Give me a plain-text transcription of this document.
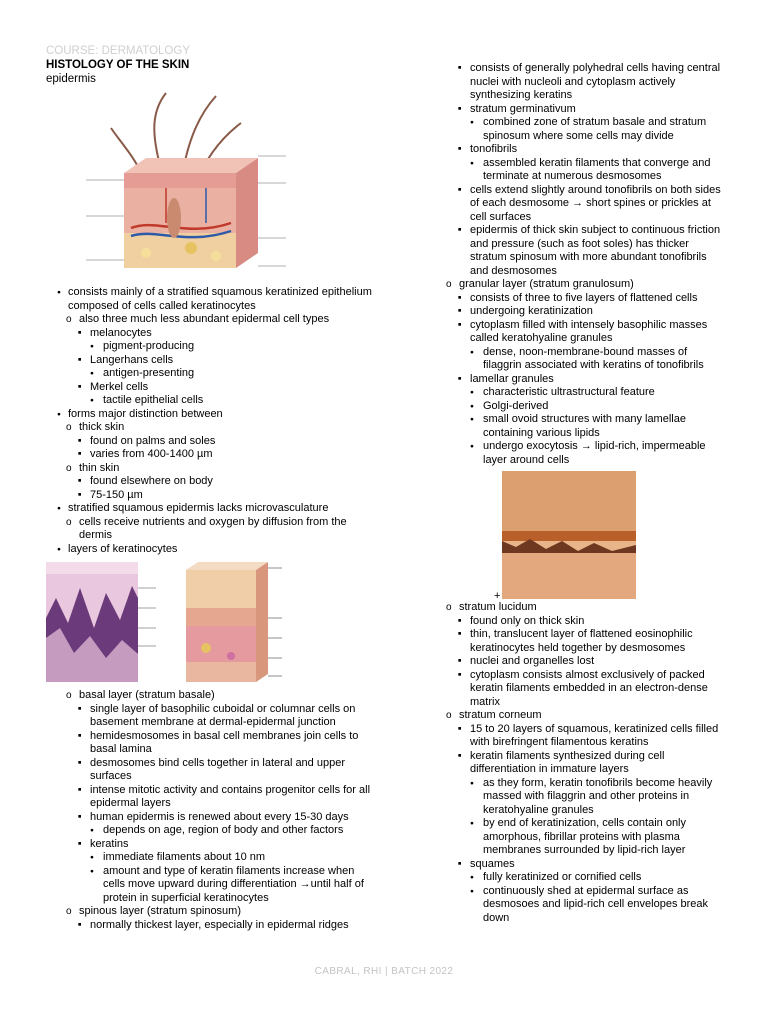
COURSE: DERMATOLOGY
HISTOLOGY OF THE SKIN
epidermis
● consists mainly of a stratified squamous keratinized epithelium composed of cells called keratinocytes
o also three much less abundant epidermal cell types
■ melanocytes
● pigment-producing
■ Langerhans cells
● antigen-presenting
■ Merkel cells
● tactile epithelial cells
● forms major distinction between
o thick skin
■ found on palms and soles
■ varies from 400-1400 µm
o thin skin
■ found elsewhere on body
■ 75-150 µm
● stratified squamous epidermis lacks microvasculature
o cells receive nutrients and oxygen by diffusion from the dermis
● layers of keratinocytes
o basal layer (stratum basale)
■ single layer of basophilic cuboidal or columnar cells on basement membrane at dermal-epidermal junction
■ hemidesmosomes in basal cell membranes join cells to basal lamina
■ desmosomes bind cells together in lateral and upper surfaces
■ intense mitotic activity and contains progenitor cells for all epidermal layers
■ human epidermis is renewed about every 15-30 days
● depends on age, region of body and other factors
■ keratins
● immediate filaments about 10 nm
● amount and type of keratin filaments increase when cells move upward during differentiation →until half of protein in superficial keratinocytes
o spinous layer (stratum spinosum)
■ normally thickest layer, especially in epidermal ridges
■ consists of generally polyhedral cells having central nuclei with nucleoli and cytoplasm actively synthesizing keratins
■ stratum germinativum
● combined zone of stratum basale and stratum spinosum where some cells may divide
■ tonofibrils
● assembled keratin filaments that converge and terminate at numerous desmosomes
■ cells extend slightly around tonofibrils on both sides of each desmosome → short spines or prickles at cell surfaces
■ epidermis of thick skin subject to continuous friction and pressure (such as foot soles) has thicker stratum spinosum with more abundant tonofibrils and desmosomes
o granular layer (stratum granulosum)
■ consists of three to five layers of flattened cells
■ undergoing keratinization
■ cytoplasm filled with intensely basophilic masses called keratohyaline granules
● dense, noon-membrane-bound masses of filaggrin associated with keratins of tonofibrils
■ lamellar granules
● characteristic ultrastructural feature
● Golgi-derived
● small ovoid structures with many lamellae containing various lipids
● undergo exocytosis → lipid-rich, impermeable layer around cells
o stratum lucidum
■ found only on thick skin
■ thin, translucent layer of flattened eosinophilic keratinocytes held together by desmosomes
■ nuclei and organelles lost
■ cytoplasm consists almost exclusively of packed keratin filaments embedded in an electron-dense matrix
o stratum corneum
■ 15 to 20 layers of squamous, keratinized cells filled with birefringent filamentous keratins
■ keratin filaments synthesized during cell differentiation in immature layers
● as they form, keratin tonofibrils become heavily massed with filaggrin and other proteins in keratohyaline granules
● by end of keratinization, cells contain only amorphous, fibrillar proteins with plasma membranes surrounded by lipid-rich layer
■ squames
● fully keratinized or cornified cells
● continuously shed at epidermal surface as desmosoes and lipid-rich cell envelopes break down
+
CABRAL, RHI | BATCH 2022
